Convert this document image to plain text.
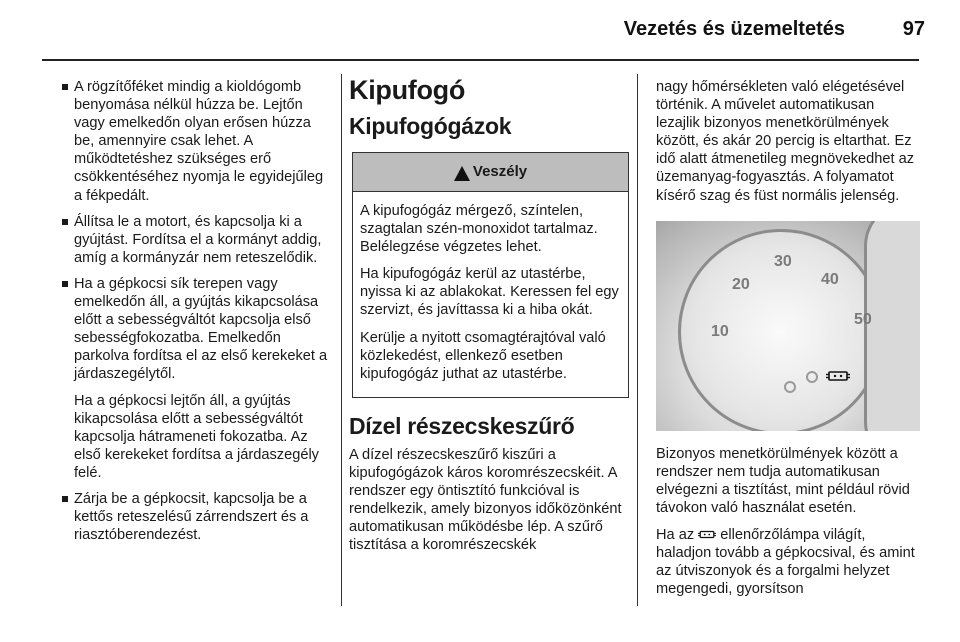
Vezetés és üzemeltetés	97

A rögzítőféket mindig a kioldógomb benyomása nélkül húzza be. Lejtőn vagy emelkedőn olyan erősen húzza be, amennyire csak lehet. A működtetéshez szükséges erő csökkentéséhez nyomja le egyidejűleg a fékpedált.

Állítsa le a motort, és kapcsolja ki a gyújtást. Fordítsa el a kormányt addig, amíg a kormányzár nem reteszelődik.

Ha a gépkocsi sík terepen vagy emelkedőn áll, a gyújtás kikapcsolása előtt a sebességváltót kapcsolja első sebességfokozatba. Emelkedőn parkolva fordítsa el az első kerekeket a járdaszegélytől.

Ha a gépkocsi lejtőn áll, a gyújtás kikapcsolása előtt a sebességváltót kapcsolja hátrameneti fokozatba. Az első kerekeket fordítsa a járdaszegély felé.

Zárja be a gépkocsit, kapcsolja be a kettős reteszelésű zárrendszert és a riasztóberendezést.

Kipufogó
Kipufogógázok
Veszély

A kipufogógáz mérgező, színtelen, szagtalan szén-monoxidot tartalmaz. Belélegzése végzetes lehet.

Ha kipufogógáz kerül az utastérbe, nyissa ki az ablakokat. Keressen fel egy szervizt, és javíttassa ki a hiba okát.

Kerülje a nyitott csomagtérajtóval való közlekedést, ellenkező esetben kipufogógáz juthat az utastérbe.

Dízel részecskeszűrő
A dízel részecskeszűrő kiszűri a kipufogógázok káros koromrészecskéit. A rendszer egy öntisztító funkcióval is rendelkezik, amely bizonyos időközönként automatikusan működésbe lép. A szűrő tisztítása a koromrészecskék

nagy hőmérsékleten való elégetésével történik. A művelet automatikusan lezajlik bizonyos menetkörülmények között, és akár 20 percig is eltarthat. Ez idő alatt átmenetileg megnövekedhet az üzemanyag-fogyasztás. A folyamatot kísérő szag és füst normális jelenség.

30
40
20
50
10

Bizonyos menetkörülmények között a rendszer nem tudja automatikusan elvégezni a tisztítást, mint például rövid távokon való használat esetén.

Ha az ellenőrzőlámpa világít, haladjon tovább a gépkocsival, és amint az útviszonyok és a forgalmi helyzet megengedi, gyorsítson
